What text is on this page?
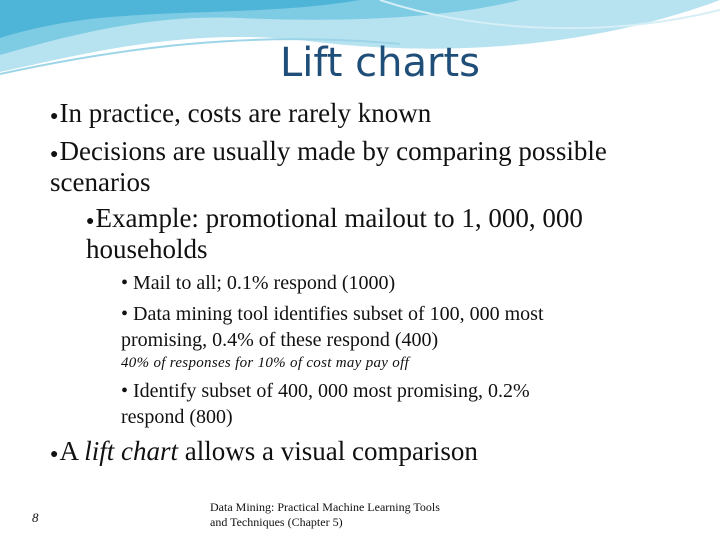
Lift charts
●In practice, costs are rarely known
●Decisions are usually made by comparing possible
scenarios
●Example: promotional mailout to 1, 000, 000
households
• Mail to all; 0.1% respond (1000)
• Data mining tool identifies subset of 100, 000 most
promising, 0.4% of these respond (400)
40% of responses for 10% of cost may pay off
• Identify subset of 400, 000 most promising, 0.2%
respond (800)
●A lift chart allows a visual comparison
8
Data Mining: Practical Machine Learning Tools
and Techniques (Chapter 5)
